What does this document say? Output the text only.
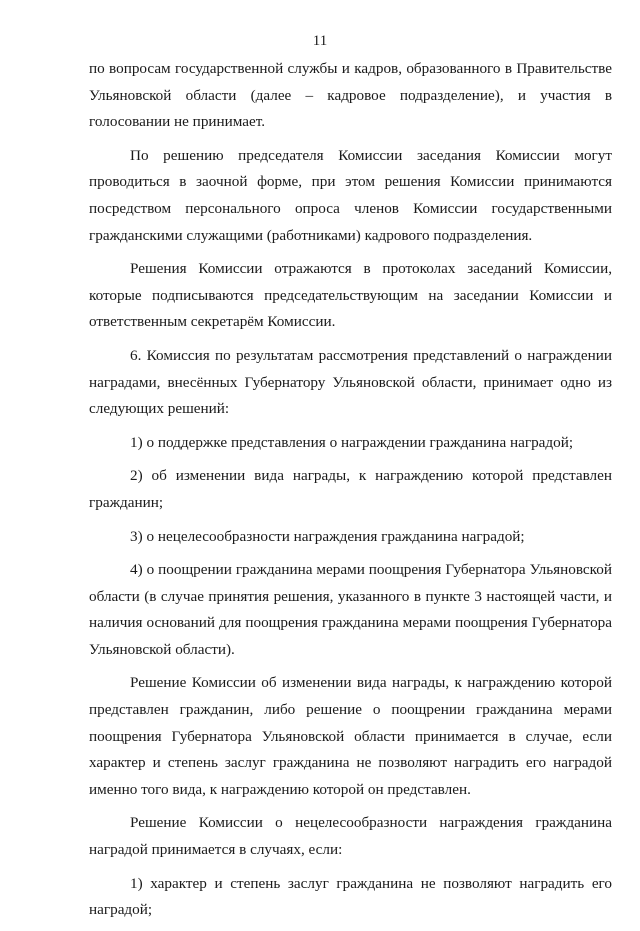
11

по вопросам государственной службы и кадров, образованного в Правительстве Ульяновской области (далее – кадровое подразделение), и участия в голосовании не принимает.

По решению председателя Комиссии заседания Комиссии могут проводиться в заочной форме, при этом решения Комиссии принимаются посредством персонального опроса членов Комиссии государственными гражданскими служащими (работниками) кадрового подразделения.

Решения Комиссии отражаются в протоколах заседаний Комиссии, которые подписываются председательствующим на заседании Комиссии и ответственным секретарём Комиссии.

6. Комиссия по результатам рассмотрения представлений о награждении наградами, внесённых Губернатору Ульяновской области, принимает одно из следующих решений:

1) о поддержке представления о награждении гражданина наградой;

2) об изменении вида награды, к награждению которой представлен гражданин;

3) о нецелесообразности награждения гражданина наградой;

4) о поощрении гражданина мерами поощрения Губернатора Ульяновской области (в случае принятия решения, указанного в пункте 3 настоящей части, и наличия оснований для поощрения гражданина мерами поощрения Губернатора Ульяновской области).

Решение Комиссии об изменении вида награды, к награждению которой представлен гражданин, либо решение о поощрении гражданина мерами поощрения Губернатора Ульяновской области принимается в случае, если характер и степень заслуг гражданина не позволяют наградить его наградой именно того вида, к награждению которой он представлен.

Решение Комиссии о нецелесообразности награждения гражданина наградой принимается в случаях, если:

1) характер и степень заслуг гражданина не позволяют наградить его наградой;
